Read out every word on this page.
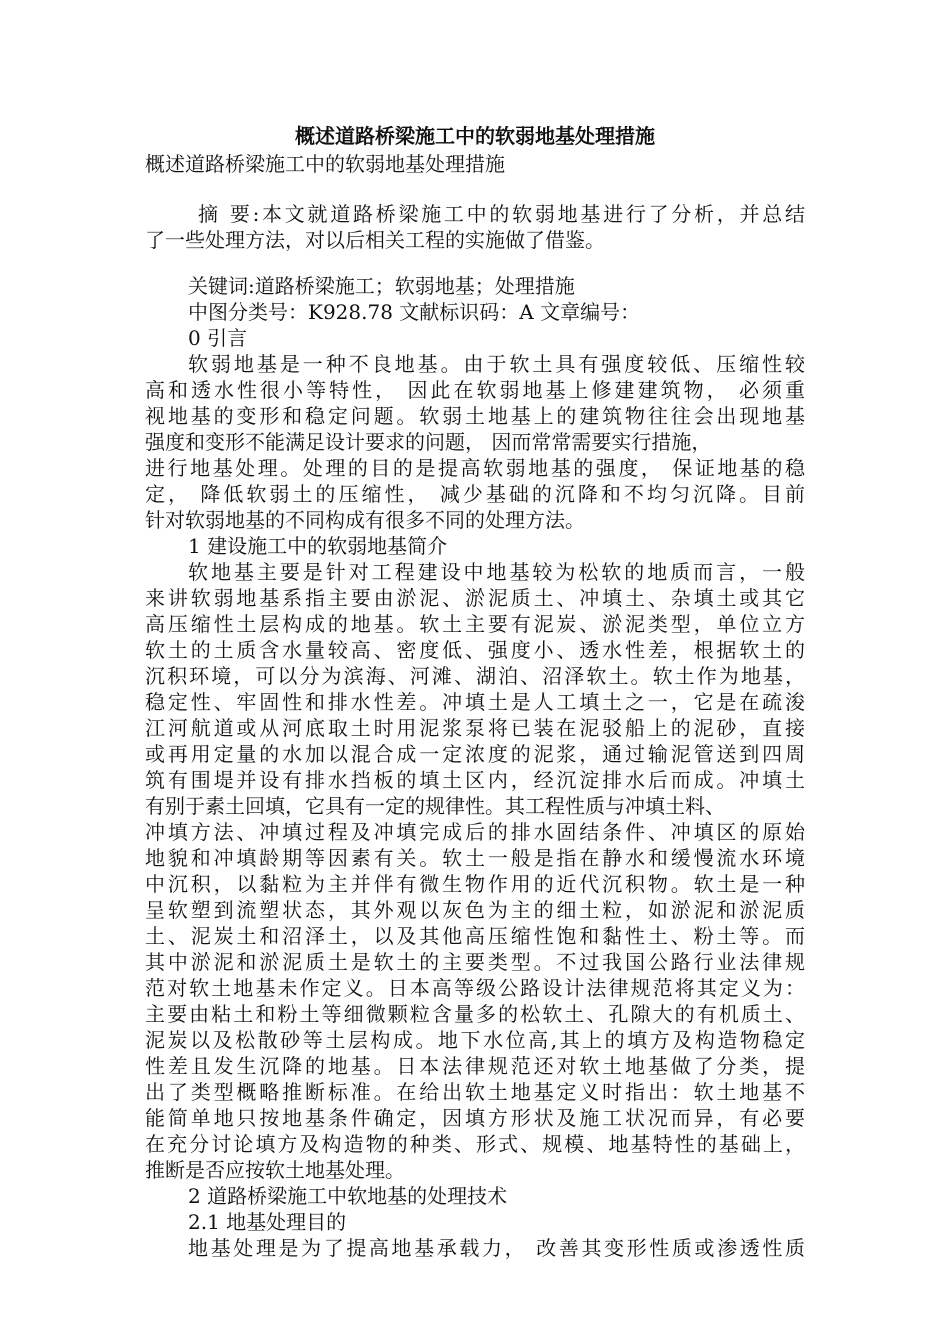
概述道路桥梁施工中的软弱地基处理措施

概述道路桥梁施工中的软弱地基处理措施

摘 要:本文就道路桥梁施工中的软弱地基进行了分析，并总结

了一些处理方法，对以后相关工程的实施做了借鉴。

关键词:道路桥梁施工；软弱地基；处理措施

中图分类号：K928.78 文献标识码：A 文章编号：

0 引言

软弱地基是一种不良地基。由于软土具有强度较低、压缩性较

高和透水性很小等特性， 因此在软弱地基上修建建筑物， 必须重

视地基的变形和稳定问题。软弱土地基上的建筑物往往会出现地基

强度和变形不能满足设计要求的问题， 因而常常需要实行措施，

进行地基处理。处理的目的是提高软弱地基的强度， 保证地基的稳

定， 降低软弱土的压缩性， 减少基础的沉降和不均匀沉降。目前

针对软弱地基的不同构成有很多不同的处理方法。

1 建设施工中的软弱地基简介

软地基主要是针对工程建设中地基较为松软的地质而言，一般

来讲软弱地基系指主要由淤泥、淤泥质土、冲填土、杂填土或其它

高压缩性土层构成的地基。软土主要有泥炭、淤泥类型，单位立方

软土的土质含水量较高、密度低、强度小、透水性差，根据软土的

沉积环境，可以分为滨海、河滩、湖泊、沼泽软土。软土作为地基，

稳定性、牢固性和排水性差。冲填土是人工填土之一，它是在疏浚

江河航道或从河底取土时用泥浆泵将已装在泥驳船上的泥砂，直接

或再用定量的水加以混合成一定浓度的泥浆，通过输泥管送到四周

筑有围堤并设有排水挡板的填土区内，经沉淀排水后而成。冲填土

有别于素土回填，它具有一定的规律性。其工程性质与冲填土料、

冲填方法、冲填过程及冲填完成后的排水固结条件、冲填区的原始

地貌和冲填龄期等因素有关。软土一般是指在静水和缓慢流水环境

中沉积，以黏粒为主并伴有微生物作用的近代沉积物。软土是一种

呈软塑到流塑状态，其外观以灰色为主的细土粒，如淤泥和淤泥质

土、泥炭土和沼泽土，以及其他高压缩性饱和黏性土、粉土等。而

其中淤泥和淤泥质土是软土的主要类型。不过我国公路行业法律规

范对软土地基未作定义。日本高等级公路设计法律规范将其定义为：

主要由粘土和粉土等细微颗粒含量多的松软土、孔隙大的有机质土、

泥炭以及松散砂等土层构成。地下水位高,其上的填方及构造物稳定

性差且发生沉降的地基。日本法律规范还对软土地基做了分类，提

出了类型概略推断标准。在给出软土地基定义时指出：软土地基不

能简单地只按地基条件确定，因填方形状及施工状况而异，有必要

在充分讨论填方及构造物的种类、形式、规模、地基特性的基础上，

推断是否应按软土地基处理。

2 道路桥梁施工中软地基的处理技术

2.1 地基处理目的

地基处理是为了提高地基承载力， 改善其变形性质或渗透性质
